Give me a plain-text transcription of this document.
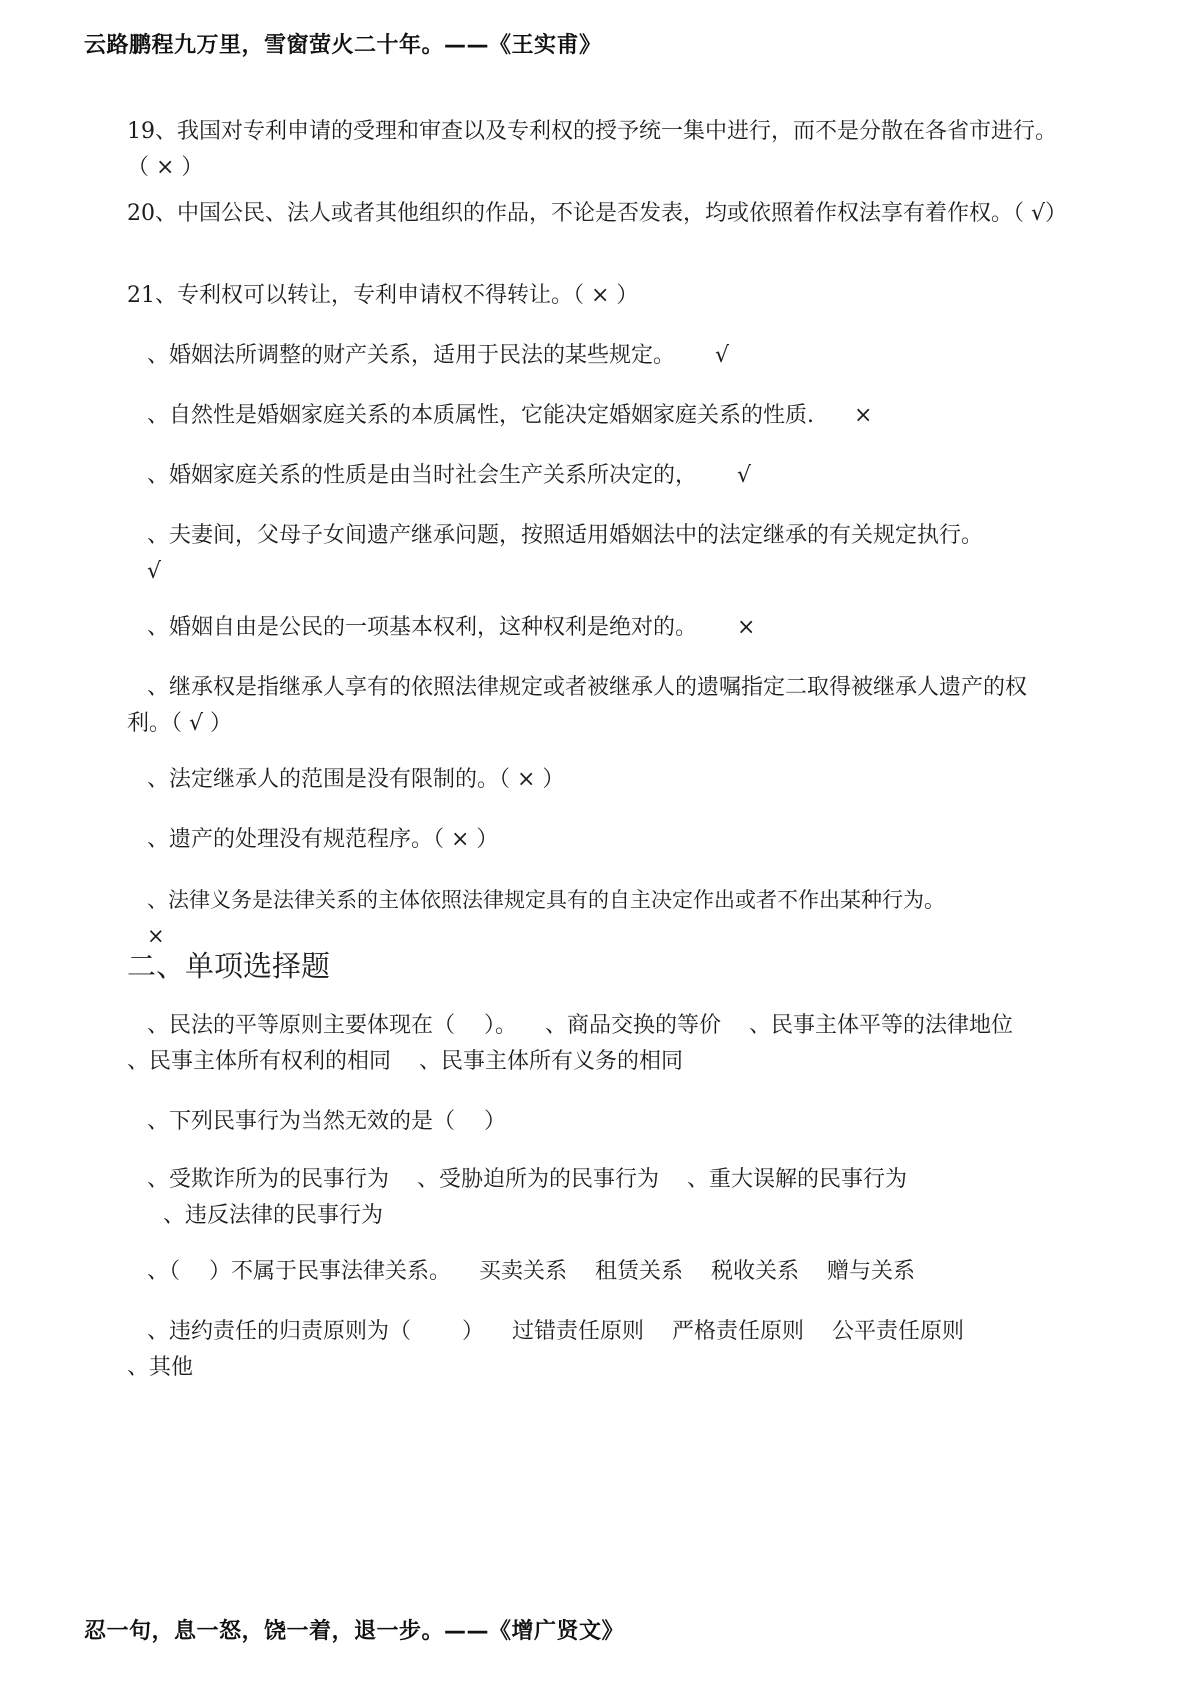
云路鹏程九万里，雪窗萤火二十年。——《王实甫》

19、我国对专利申请的受理和审查以及专利权的授予统一集中进行，而不是分散在各省市进行。（ × ）

20、中国公民、法人或者其他组织的作品，不论是否发表，均或依照着作权法享有着作权。（ √）

21、专利权可以转让，专利申请权不得转让。（ × ）

、婚姻法所调整的财产关系，适用于民法的某些规定。 √

、自然性是婚姻家庭关系的本质属性，它能决定婚姻家庭关系的性质. ×

、婚姻家庭关系的性质是由当时社会生产关系所决定的， √

、夫妻间，父母子女间遗产继承问题，按照适用婚姻法中的法定继承的有关规定执行。
√

、婚姻自由是公民的一项基本权利，这种权利是绝对的。 ×

、继承权是指继承人享有的依照法律规定或者被继承人的遗嘱指定二取得被继承人遗产的权利。（ √ ）

、法定继承人的范围是没有限制的。（ × ）

、遗产的处理没有规范程序。（ × ）

、法律义务是法律关系的主体依照法律规定具有的自主决定作出或者不作出某种行为。
×

二、单项选择题

、民法的平等原则主要体现在（　 ）。 、商品交换的等价 、民事主体平等的法律地位

、民事主体所有权利的相同 、民事主体所有义务的相同

、下列民事行为当然无效的是（　 ）

、受欺诈所为的民事行为 、受胁迫所为的民事行为 、重大误解的民事行为

、违反法律的民事行为

、（　 ）不属于民事法律关系。 买卖关系 租赁关系 税收关系 赠与关系

、违约责任的归责原则为（　　 ） 过错责任原则 严格责任原则 公平责任原则

、其他

忍一句，息一怒，饶一着，退一步。——《增广贤文》
